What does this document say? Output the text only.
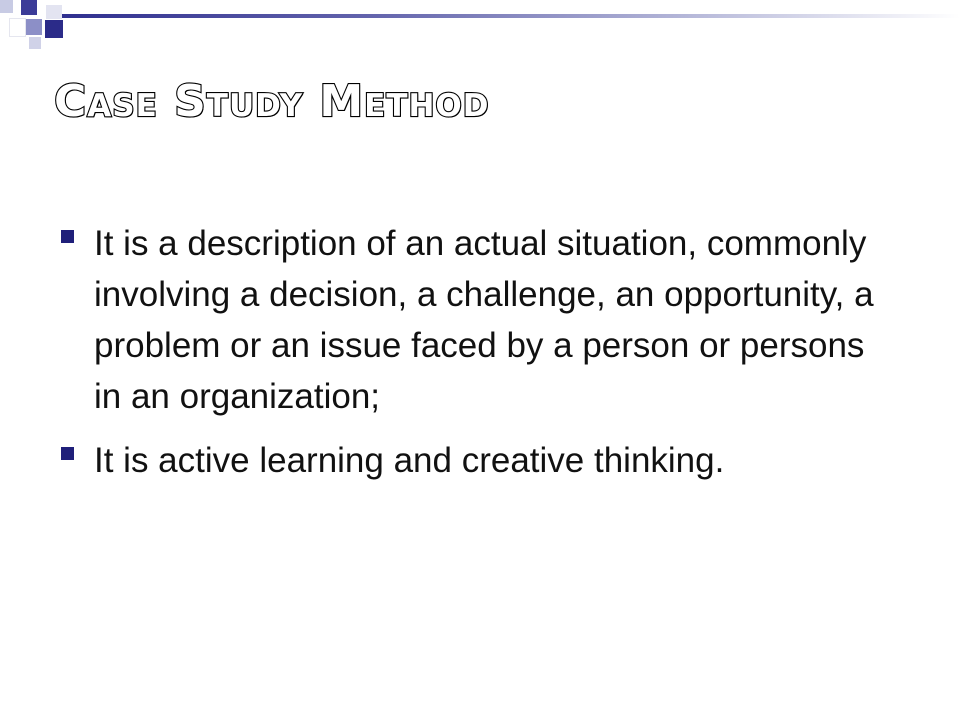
Case Study Method
It is a description of an actual situation, commonly involving a decision, a challenge, an opportunity, a problem or an issue faced by a person or persons in an organization;
It is active learning and creative thinking.
